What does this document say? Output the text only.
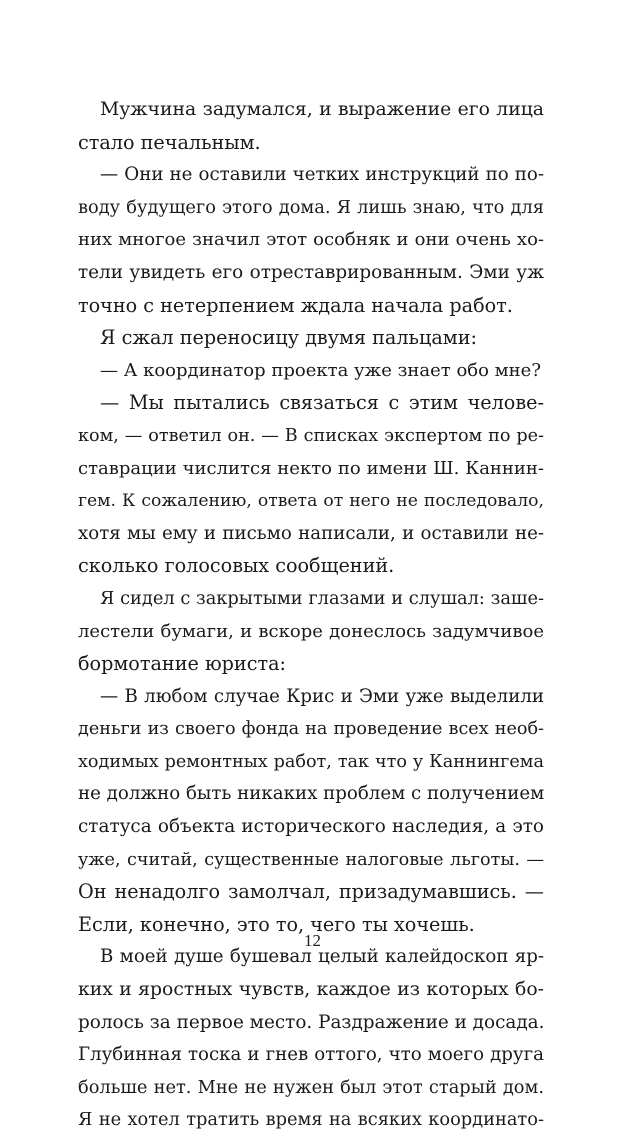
Мужчина задумался, и выражение его лица
стало печальным.
— Они не оставили четких инструкций по по-
воду будущего этого дома. Я лишь знаю, что для
них многое значил этот особняк и они очень хо-
тели увидеть его отреставрированным. Эми уж
точно с нетерпением ждала начала работ.
Я сжал переносицу двумя пальцами:
— А координатор проекта уже знает обо мне?
— Мы пытались связаться с этим челове-
ком, — ответил он. — В списках экспертом по ре-
ставрации числится некто по имени Ш. Каннин-
гем. К сожалению, ответа от него не последовало,
хотя мы ему и письмо написали, и оставили не-
сколько голосовых сообщений.
Я сидел с закрытыми глазами и слушал: заше-
лестели бумаги, и вскоре донеслось задумчивое
бормотание юриста:
— В любом случае Крис и Эми уже выделили
деньги из своего фонда на проведение всех необ-
ходимых ремонтных работ, так что у Каннингема
не должно быть никаких проблем с получением
статуса объекта исторического наследия, а это
уже, считай, существенные налоговые льготы. —
Он ненадолго замолчал, призадумавшись. —
Если, конечно, это то, чего ты хочешь.
В моей душе бушевал целый калейдоскоп яр-
ких и яростных чувств, каждое из которых бо-
ролось за первое место. Раздражение и досада.
Глубинная тоска и гнев оттого, что моего друга
больше нет. Мне не нужен был этот старый дом.
Я не хотел тратить время на всяких координато-
12
